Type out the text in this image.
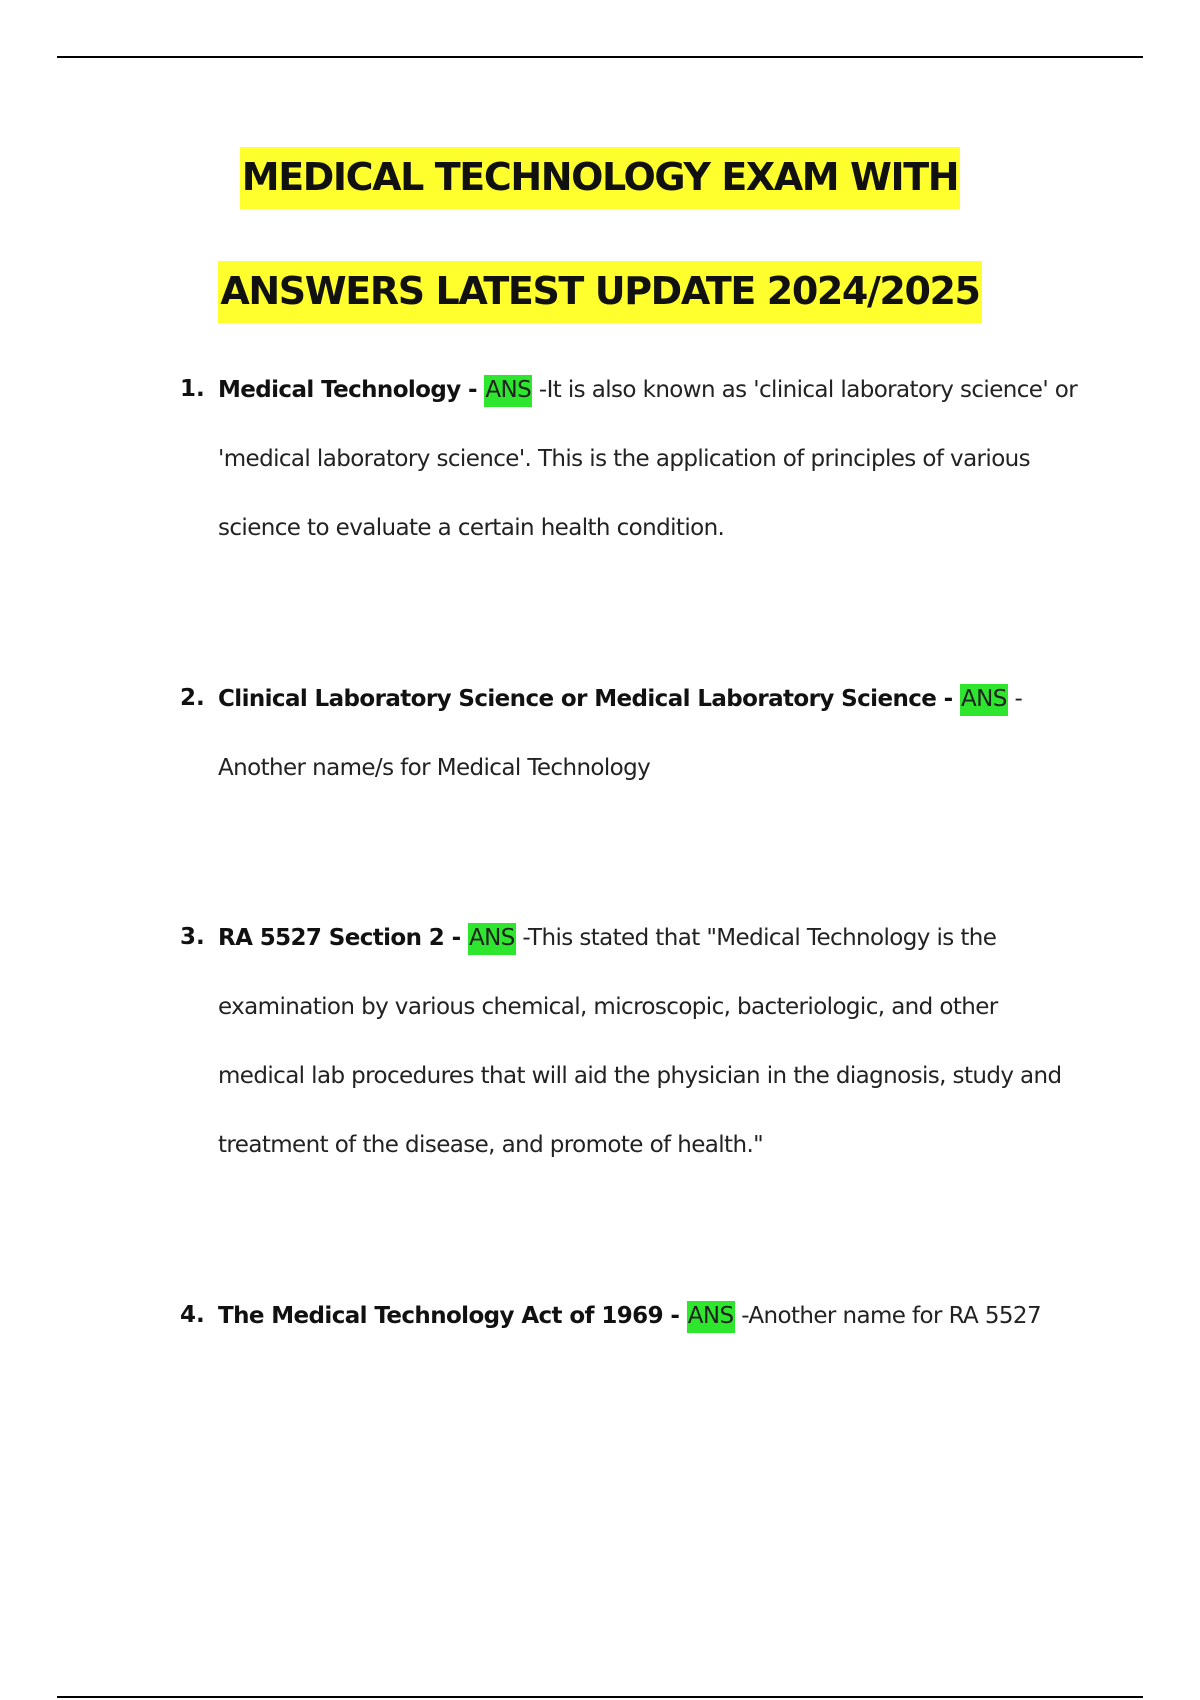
MEDICAL TECHNOLOGY EXAM WITH
ANSWERS LATEST UPDATE 2024/2025
1. Medical Technology - ANS -It is also known as 'clinical laboratory science' or 'medical laboratory science'. This is the application of principles of various science to evaluate a certain health condition.
2. Clinical Laboratory Science or Medical Laboratory Science - ANS -Another name/s for Medical Technology
3. RA 5527 Section 2 - ANS -This stated that "Medical Technology is the examination by various chemical, microscopic, bacteriologic, and other medical lab procedures that will aid the physician in the diagnosis, study and treatment of the disease, and promote of health."
4. The Medical Technology Act of 1969 - ANS -Another name for RA 5527
